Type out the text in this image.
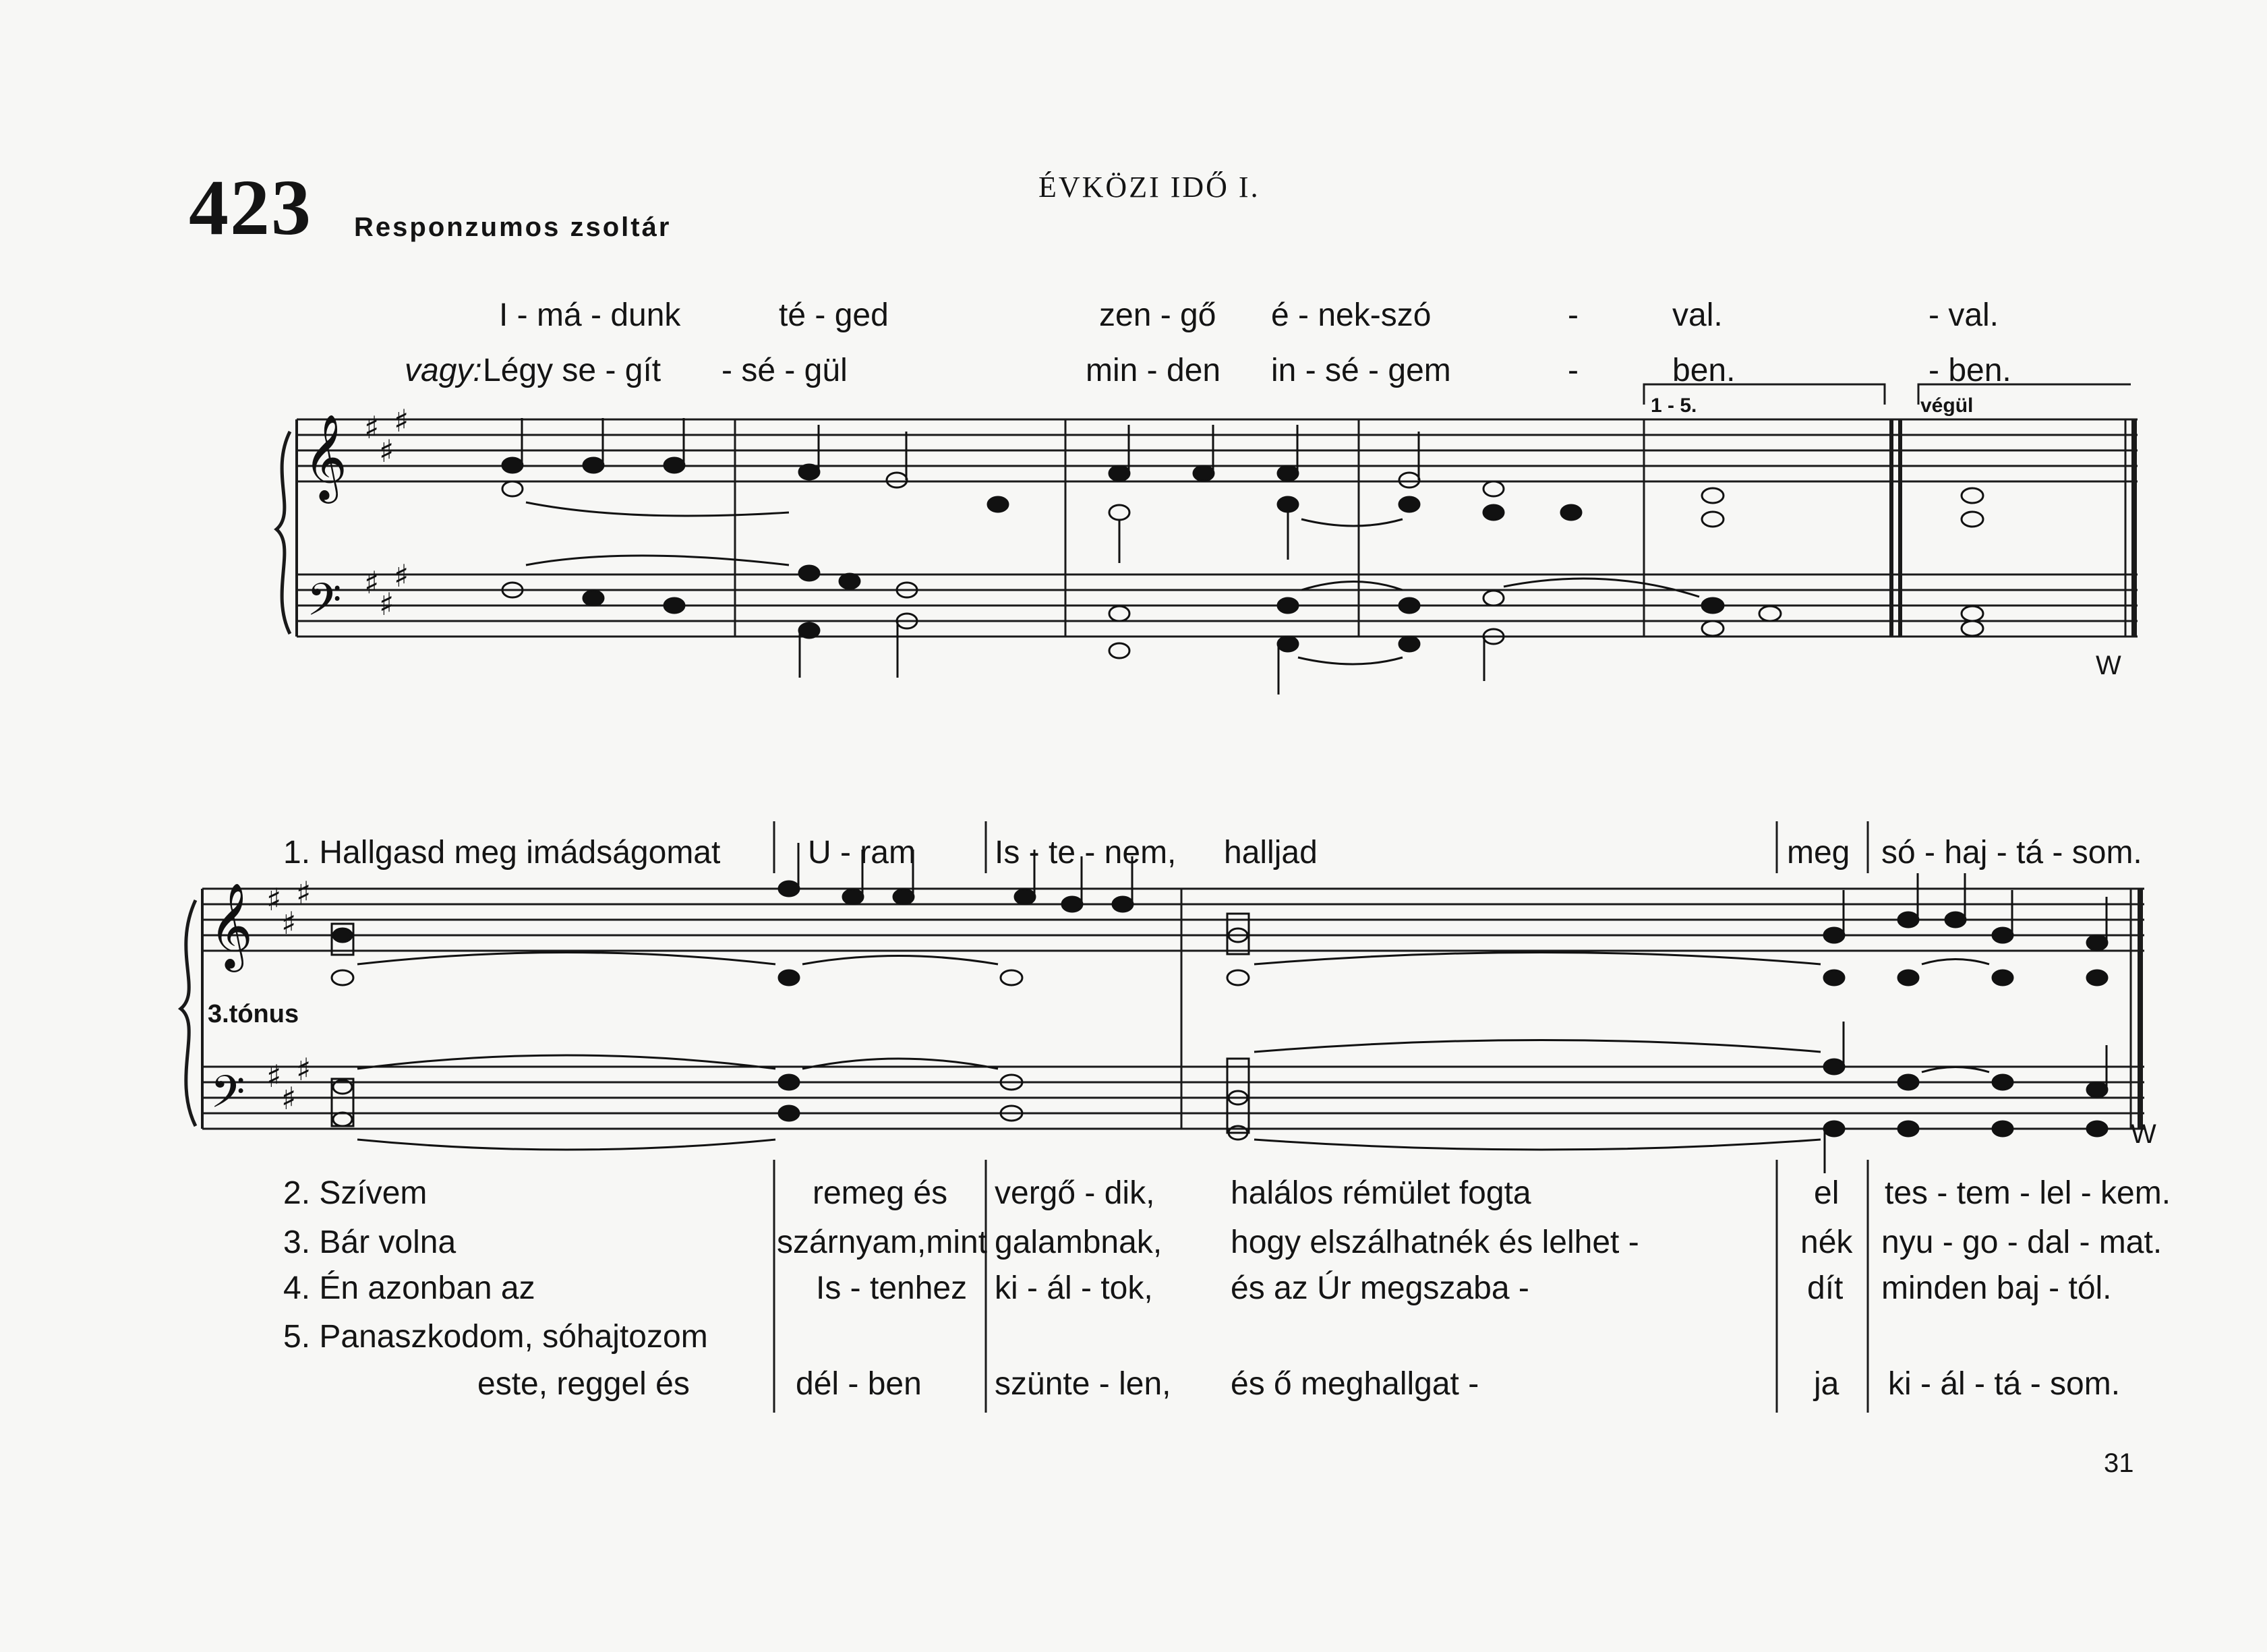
423 Responzumos zsoltár
ÉVKÖZI IDŐ I.
I - má - dunk	té - ged	zen - gő é - nek-szó	-	val.	- val.
vagy: Légy se - gít - sé - gül	min - den in - sé - gem	-	ben.	- ben.
1 - 5.	végül
W
𝄞
𝄢
𝄞
𝄢
♯
♯
♯
♯
♯
♯
♯
♯
♯
♯
♯
♯
1. Hallgasd meg imádságomat	U - ram Is - te - nem, halljad	meg só - haj - tá - som.
3.tónus
W
2. Szívem	remeg és vergő - dik, halálos rémület fogta	el tes - tem - lel - kem.
3. Bár volna	szárnyam,mint galambnak, hogy elszálhatnék és lelhet -	nék nyu - go - dal - mat.
4. Én azonban az	Is - tenhez ki - ál - tok, és az Úr megszaba -	dít minden baj - tól.
5. Panaszkodom, sóhajtozom
este, reggel és	dél - ben szünte - len, és ő meghallgat -	ja ki - ál - tá - som.
31
